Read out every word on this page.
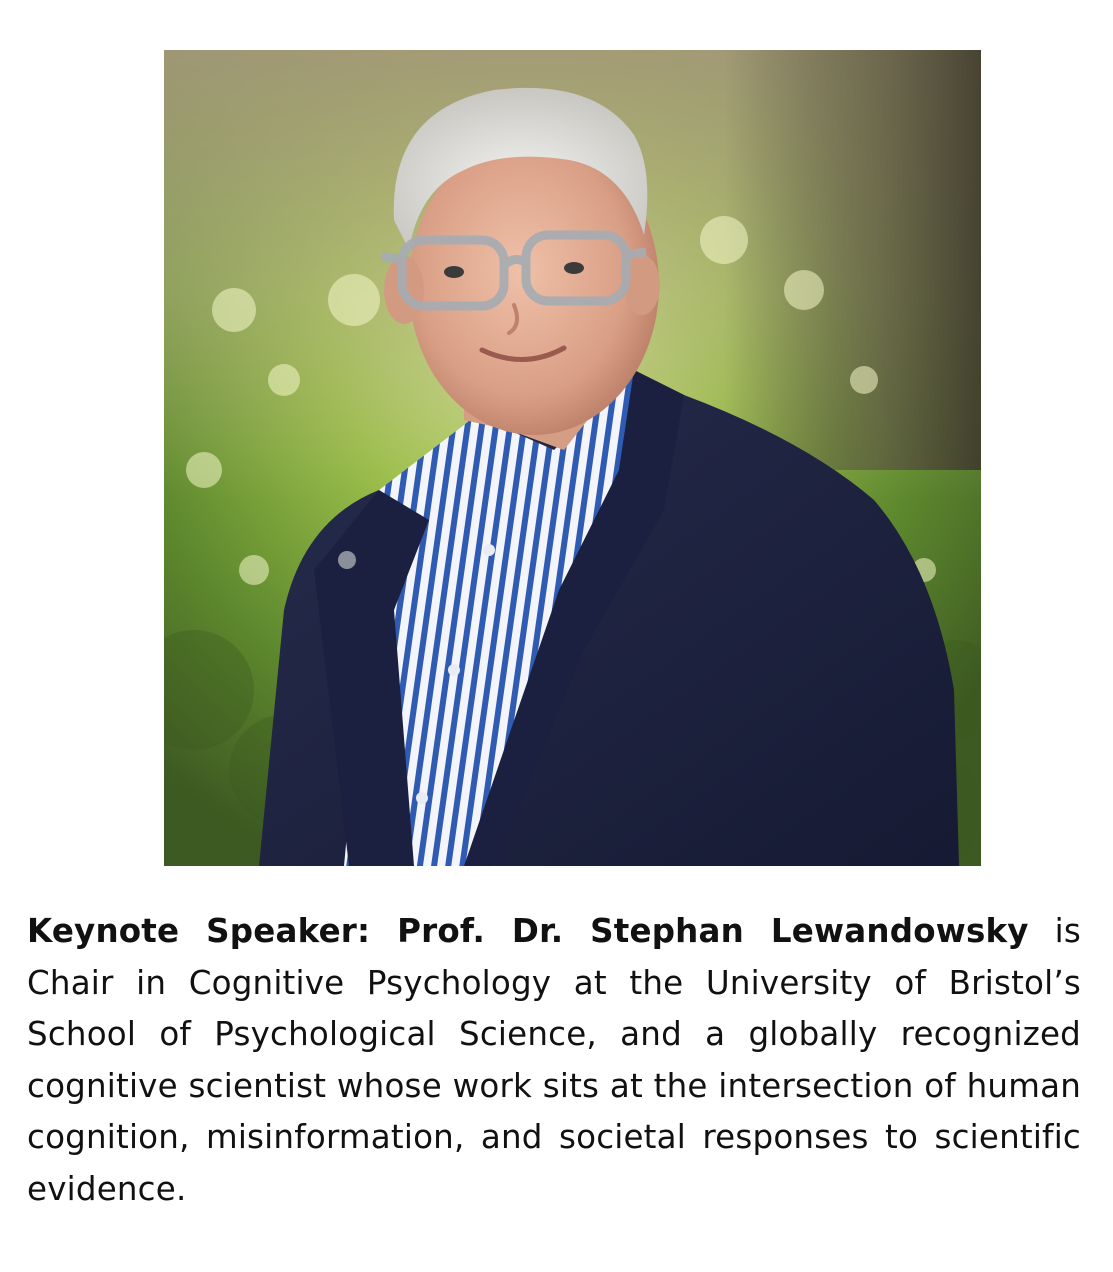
Keynote Speaker: Prof. Dr. Stephan Lewandowsky is Chair in Cognitive Psychology at the University of Bristol’s School of Psychological Science, and a globally recognized cognitive scientist whose work sits at the intersection of human cognition, misinformation, and societal responses to scientific evidence.
